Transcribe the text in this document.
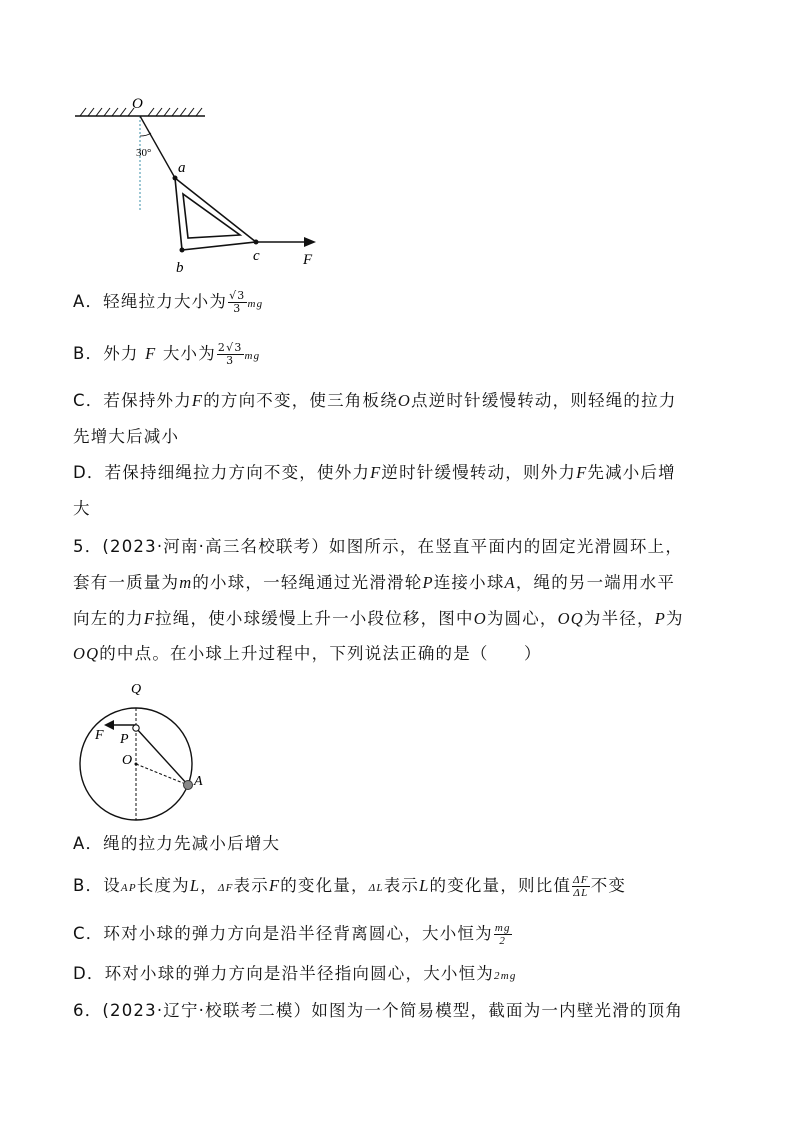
O
30°
a
b
c	F
A．轻绳拉力大小为 $\frac{√3}{3}$ mg
B．外力 F 大小为 $\frac{2√3}{3}$ mg
C．若保持外力F的方向不变，使三角板绕O点逆时针缓慢转动，则轻绳的拉力
先增大后减小
D．若保持细绳拉力方向不变，使外力F逆时针缓慢转动，则外力F先减小后增
大
5．(2023·河南·高三名校联考）如图所示，在竖直平面内的固定光滑圆环上，
套有一质量为m的小球，一轻绳通过光滑滑轮P连接小球A，绳的另一端用水平
向左的力F拉绳，使小球缓慢上升一小段位移，图中O为圆心，OQ为半径，P为
OQ的中点。在小球上升过程中，下列说法正确的是（　　）
Q
F P
O
A
A．绳的拉力先减小后增大
B．设AP长度为L，ΔF表示F的变化量，ΔL表示L的变化量，则比值 $\frac{\Delta F}{\Delta L}$ 不变
C．环对小球的弹力方向是沿半径背离圆心，大小恒为 $\frac{mg}{2}$
D．环对小球的弹力方向是沿半径指向圆心，大小恒为2mg
6．(2023·辽宁·校联考二模）如图为一个简易模型，截面为一内壁光滑的顶角
